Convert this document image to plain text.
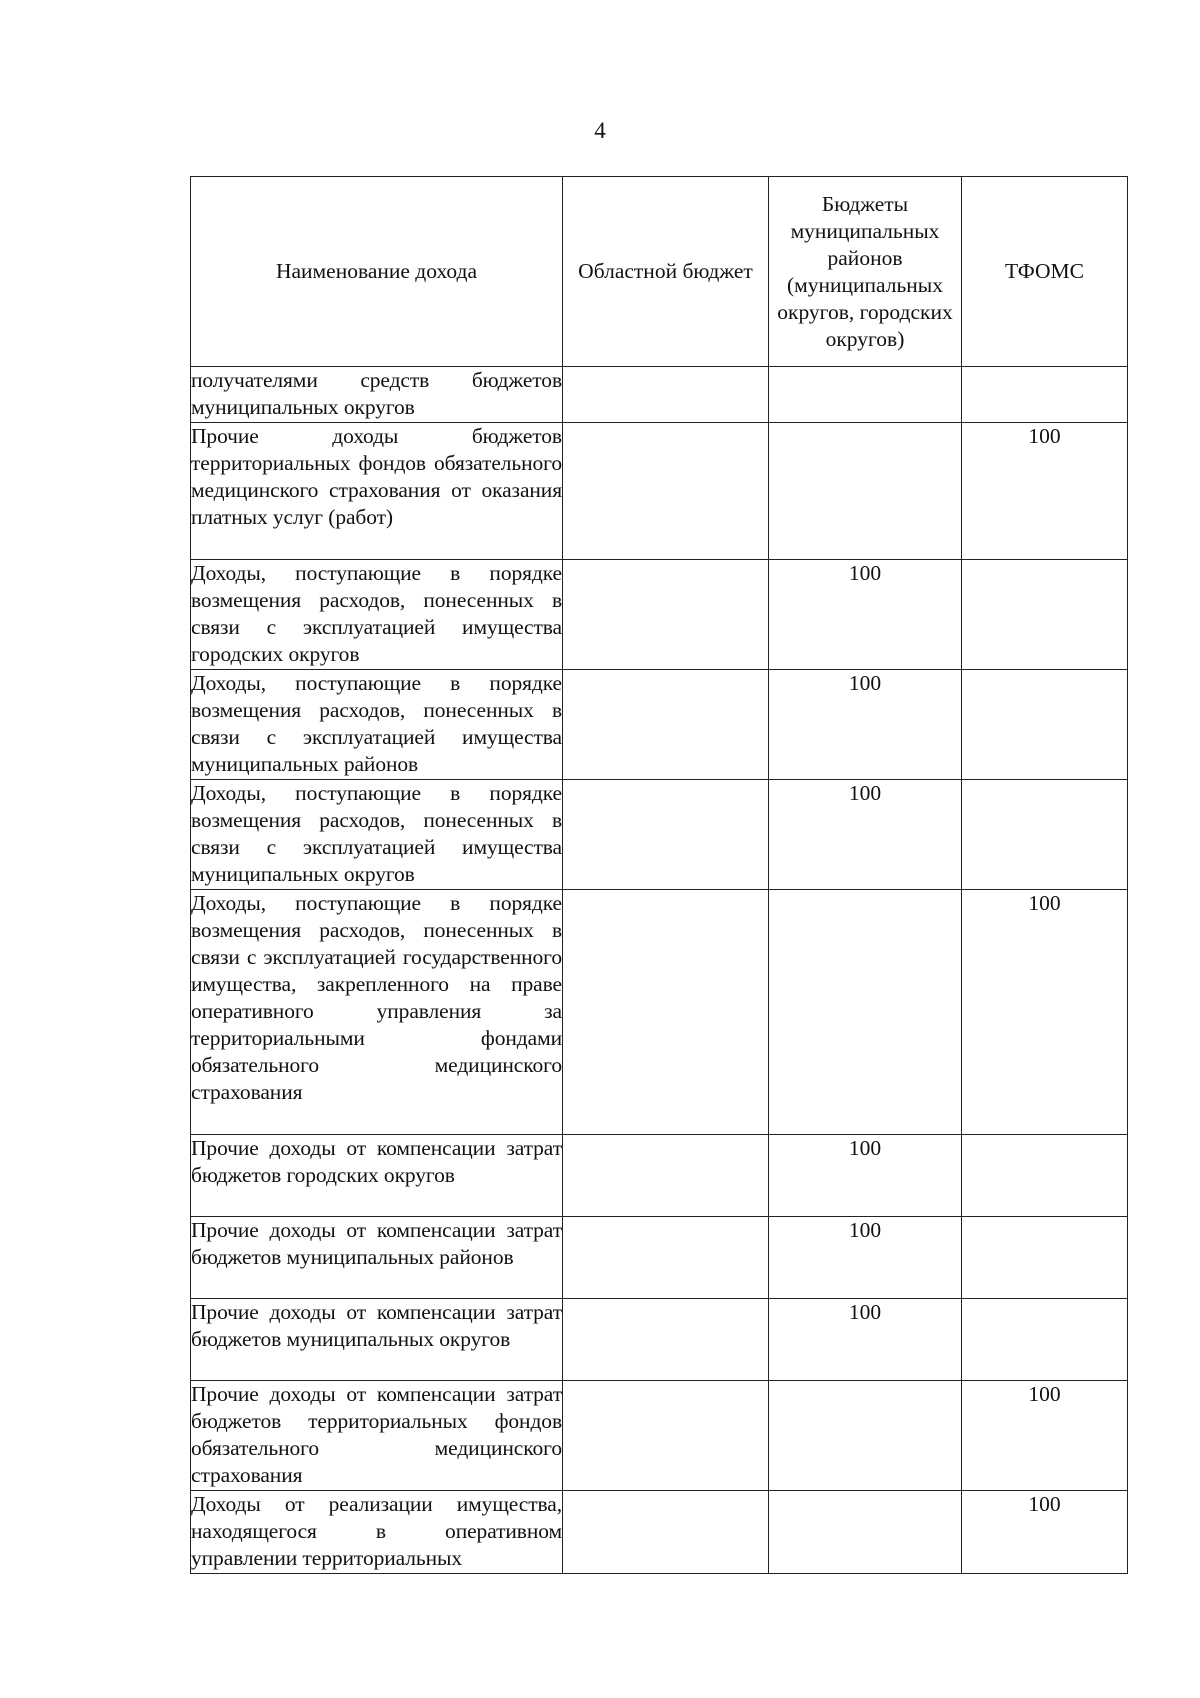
4
Наименование дохода	Областной бюджет	Бюджеты муниципальных районов (муниципальных округов, городских округов)	ТФОМС
получателями средств бюджетов муниципальных округов			
Прочие доходы бюджетов территориальных фондов обязательного медицинского страхования от оказания платных услуг (работ)			100
Доходы, поступающие в порядке возмещения расходов, понесенных в связи с эксплуатацией имущества городских округов		100	
Доходы, поступающие в порядке возмещения расходов, понесенных в связи с эксплуатацией имущества муниципальных районов		100	
Доходы, поступающие в порядке возмещения расходов, понесенных в связи с эксплуатацией имущества муниципальных округов		100	
Доходы, поступающие в порядке возмещения расходов, понесенных в связи с эксплуатацией государственного имущества, закрепленного на праве оперативного управления за территориальными фондами обязательного медицинского страхования			100
Прочие доходы от компенсации затрат бюджетов городских округов		100	
Прочие доходы от компенсации затрат бюджетов муниципальных районов		100	
Прочие доходы от компенсации затрат бюджетов муниципальных округов		100	
Прочие доходы от компенсации затрат бюджетов территориальных фондов обязательного медицинского страхования			100
Доходы от реализации имущества, находящегося в оперативном управлении территориальных			100
